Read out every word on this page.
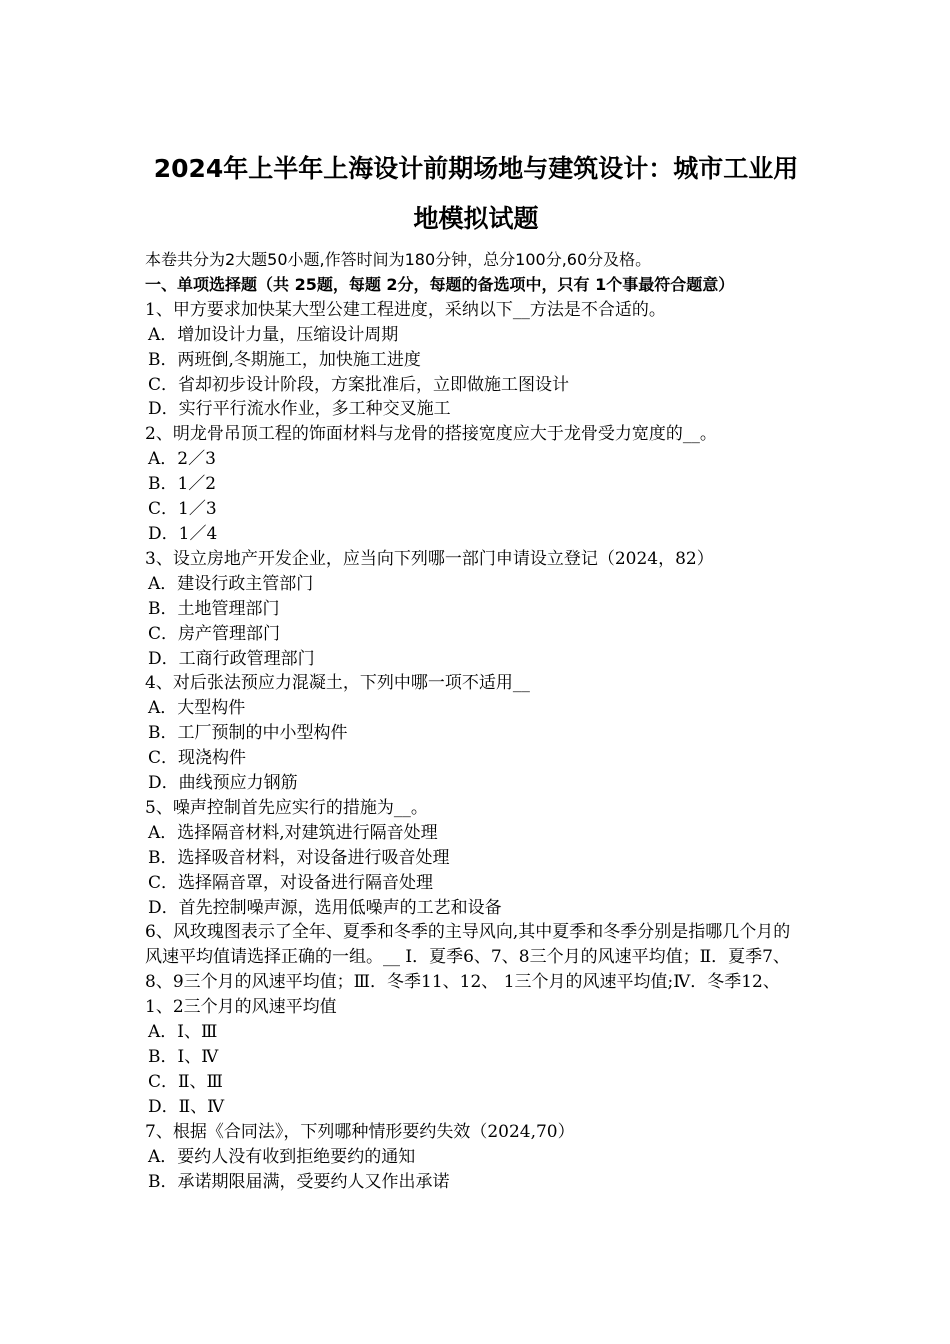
2024年上半年上海设计前期场地与建筑设计：城市工业用
地模拟试题
本卷共分为2大题50小题,作答时间为180分钟，总分100分,60分及格。
一、单项选择题（共 25题，每题 2分，每题的备选项中，只有 1个事最符合题意）
1、甲方要求加快某大型公建工程进度，采纳以下__方法是不合适的。
A．增加设计力量，压缩设计周期
B．两班倒,冬期施工，加快施工进度
C．省却初步设计阶段，方案批准后，立即做施工图设计
D．实行平行流水作业，多工种交叉施工
2、明龙骨吊顶工程的饰面材料与龙骨的搭接宽度应大于龙骨受力宽度的__。
A．2／3
B．1／2
C．1／3
D．1／4
3、设立房地产开发企业，应当向下列哪一部门申请设立登记（2024，82）
A．建设行政主管部门
B．土地管理部门
C．房产管理部门
D．工商行政管理部门
4、对后张法预应力混凝土，下列中哪一项不适用__
A．大型构件
B．工厂预制的中小型构件
C．现浇构件
D．曲线预应力钢筋
5、噪声控制首先应实行的措施为__。
A．选择隔音材料,对建筑进行隔音处理
B．选择吸音材料，对设备进行吸音处理
C．选择隔音罩，对设备进行隔音处理
D．首先控制噪声源，选用低噪声的工艺和设备
6、风玫瑰图表示了全年、夏季和冬季的主导风向,其中夏季和冬季分别是指哪几个月的风速平均值请选择正确的一组。__ Ⅰ．夏季6、7、8三个月的风速平均值；Ⅱ．夏季7、8、9三个月的风速平均值；Ⅲ．冬季11、12、 1三个月的风速平均值;Ⅳ．冬季12、1、2三个月的风速平均值
A．Ⅰ、Ⅲ
B．Ⅰ、Ⅳ
C．Ⅱ、Ⅲ
D．Ⅱ、Ⅳ
7、根据《合同法》，下列哪种情形要约失效（2024,70）
A．要约人没有收到拒绝要约的通知
B．承诺期限届满，受要约人又作出承诺
